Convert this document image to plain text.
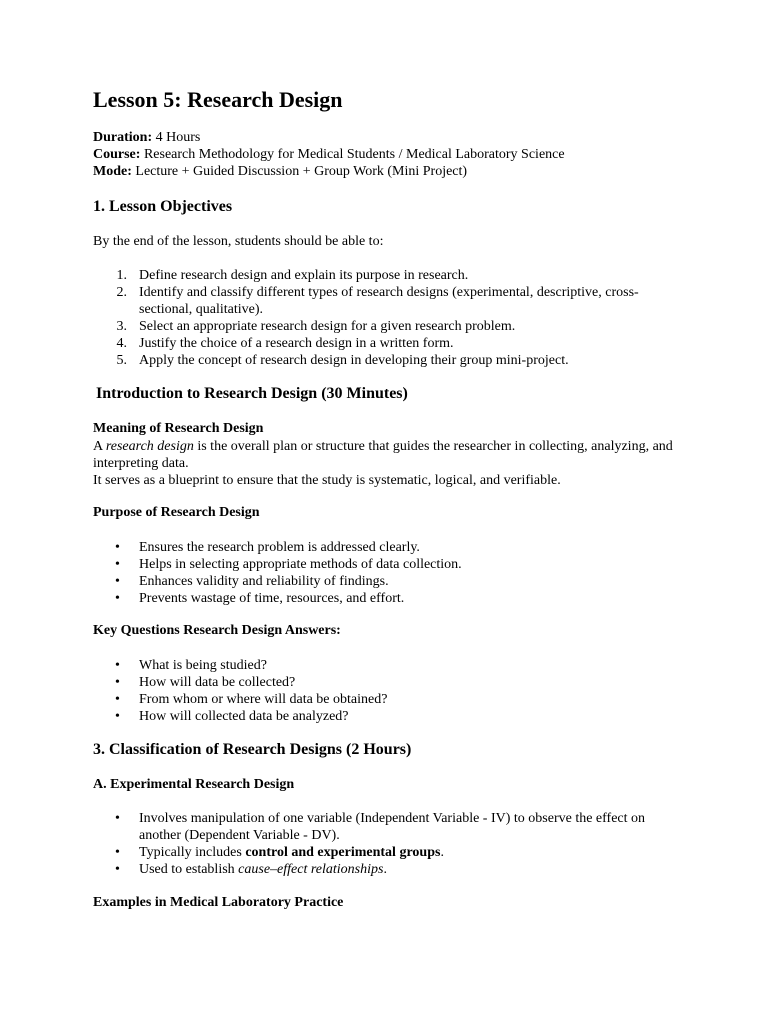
Lesson 5: Research Design
Duration: 4 Hours
Course: Research Methodology for Medical Students / Medical Laboratory Science
Mode: Lecture + Guided Discussion + Group Work (Mini Project)
1. Lesson Objectives
By the end of the lesson, students should be able to:
1. Define research design and explain its purpose in research.
2. Identify and classify different types of research designs (experimental, descriptive, cross-sectional, qualitative).
3. Select an appropriate research design for a given research problem.
4. Justify the choice of a research design in a written form.
5. Apply the concept of research design in developing their group mini-project.
Introduction to Research Design (30 Minutes)
Meaning of Research Design
A research design is the overall plan or structure that guides the researcher in collecting, analyzing, and interpreting data.
It serves as a blueprint to ensure that the study is systematic, logical, and verifiable.
Purpose of Research Design
• Ensures the research problem is addressed clearly.
• Helps in selecting appropriate methods of data collection.
• Enhances validity and reliability of findings.
• Prevents wastage of time, resources, and effort.
Key Questions Research Design Answers:
• What is being studied?
• How will data be collected?
• From whom or where will data be obtained?
• How will collected data be analyzed?
3. Classification of Research Designs (2 Hours)
A. Experimental Research Design
• Involves manipulation of one variable (Independent Variable - IV) to observe the effect on another (Dependent Variable - DV).
• Typically includes control and experimental groups.
• Used to establish cause–effect relationships.
Examples in Medical Laboratory Practice
